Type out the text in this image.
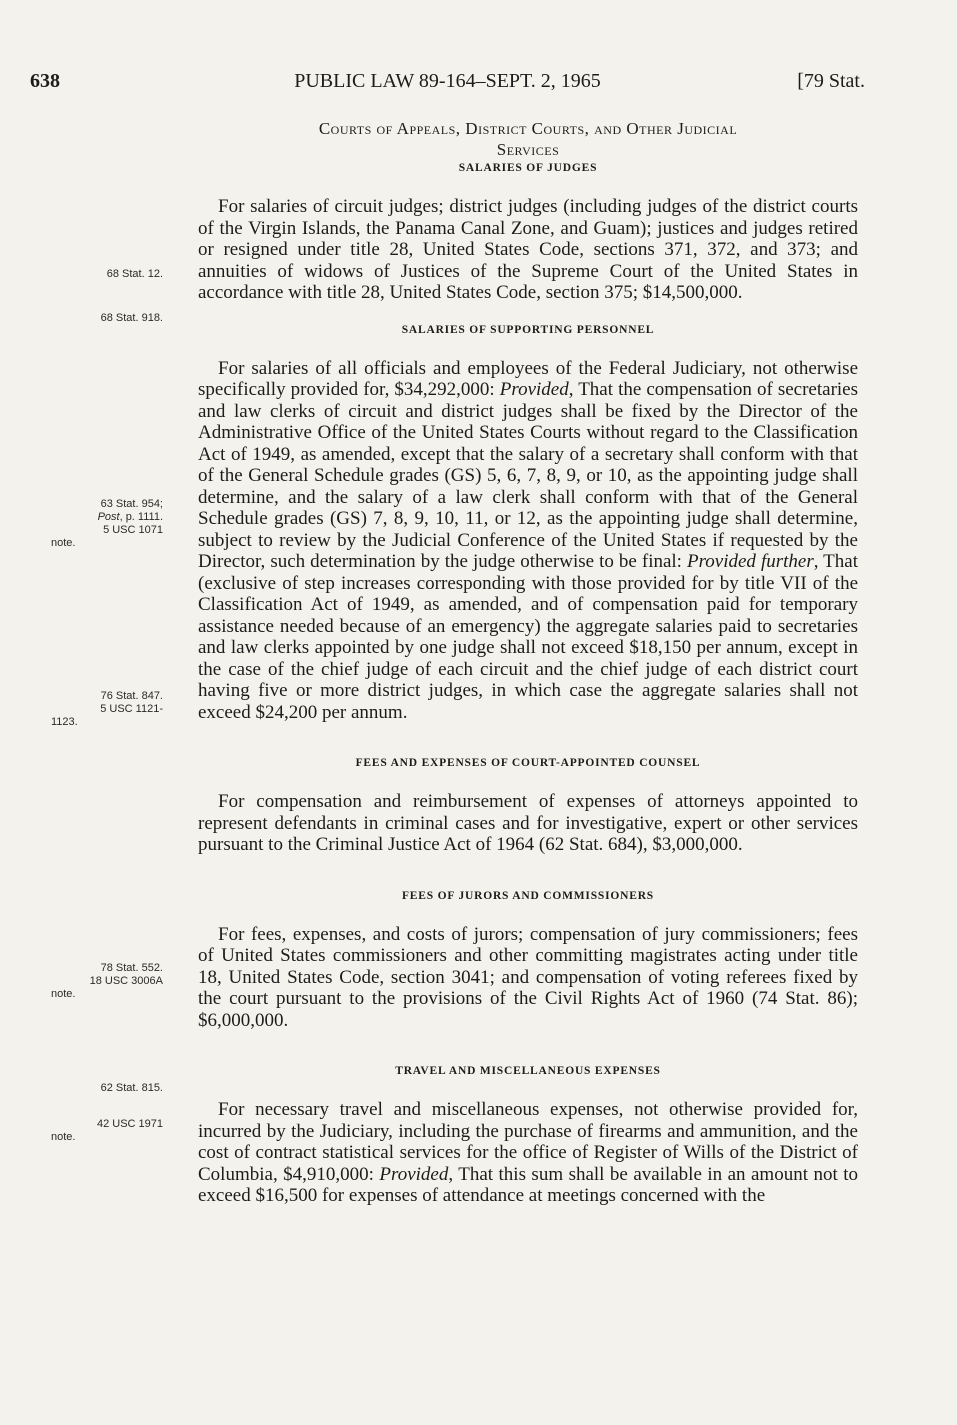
638	PUBLIC LAW 89-164–SEPT. 2, 1965	[79 Stat.
68 Stat. 12.
68 Stat. 918.
63 Stat. 954;
Post, p. 1111.
5 USC 1071
note.
76 Stat. 847.
5 USC 1121-
1123.
78 Stat. 552.
18 USC 3006A
note.
62 Stat. 815.
42 USC 1971
note.
Courts of Appeals, District Courts, and Other Judicial
Services
SALARIES OF JUDGES

For salaries of circuit judges; district judges (including judges of the district courts of the Virgin Islands, the Panama Canal Zone, and Guam); justices and judges retired or resigned under title 28, United States Code, sections 371, 372, and 373; and annuities of widows of Justices of the Supreme Court of the United States in accordance with title 28, United States Code, section 375; $14,500,000.

SALARIES OF SUPPORTING PERSONNEL

For salaries of all officials and employees of the Federal Judiciary, not otherwise specifically provided for, $34,292,000: Provided, That the compensation of secretaries and law clerks of circuit and district judges shall be fixed by the Director of the Administrative Office of the United States Courts without regard to the Classification Act of 1949, as amended, except that the salary of a secretary shall conform with that of the General Schedule grades (GS) 5, 6, 7, 8, 9, or 10, as the appointing judge shall determine, and the salary of a law clerk shall conform with that of the General Schedule grades (GS) 7, 8, 9, 10, 11, or 12, as the appointing judge shall determine, subject to review by the Judicial Conference of the United States if requested by the Director, such determination by the judge otherwise to be final: Provided further, That (exclusive of step increases corresponding with those provided for by title VII of the Classification Act of 1949, as amended, and of compensation paid for temporary assistance needed because of an emergency) the aggregate salaries paid to secretaries and law clerks appointed by one judge shall not exceed $18,150 per annum, except in the case of the chief judge of each circuit and the chief judge of each district court having five or more district judges, in which case the aggregate salaries shall not exceed $24,200 per annum.

FEES AND EXPENSES OF COURT-APPOINTED COUNSEL

For compensation and reimbursement of expenses of attorneys appointed to represent defendants in criminal cases and for investigative, expert or other services pursuant to the Criminal Justice Act of 1964 (62 Stat. 684), $3,000,000.

FEES OF JURORS AND COMMISSIONERS

For fees, expenses, and costs of jurors; compensation of jury commissioners; fees of United States commissioners and other committing magistrates acting under title 18, United States Code, section 3041; and compensation of voting referees fixed by the court pursuant to the provisions of the Civil Rights Act of 1960 (74 Stat. 86); $6,000,000.

TRAVEL AND MISCELLANEOUS EXPENSES

For necessary travel and miscellaneous expenses, not otherwise provided for, incurred by the Judiciary, including the purchase of firearms and ammunition, and the cost of contract statistical services for the office of Register of Wills of the District of Columbia, $4,910,000: Provided, That this sum shall be available in an amount not to exceed $16,500 for expenses of attendance at meetings concerned with the
